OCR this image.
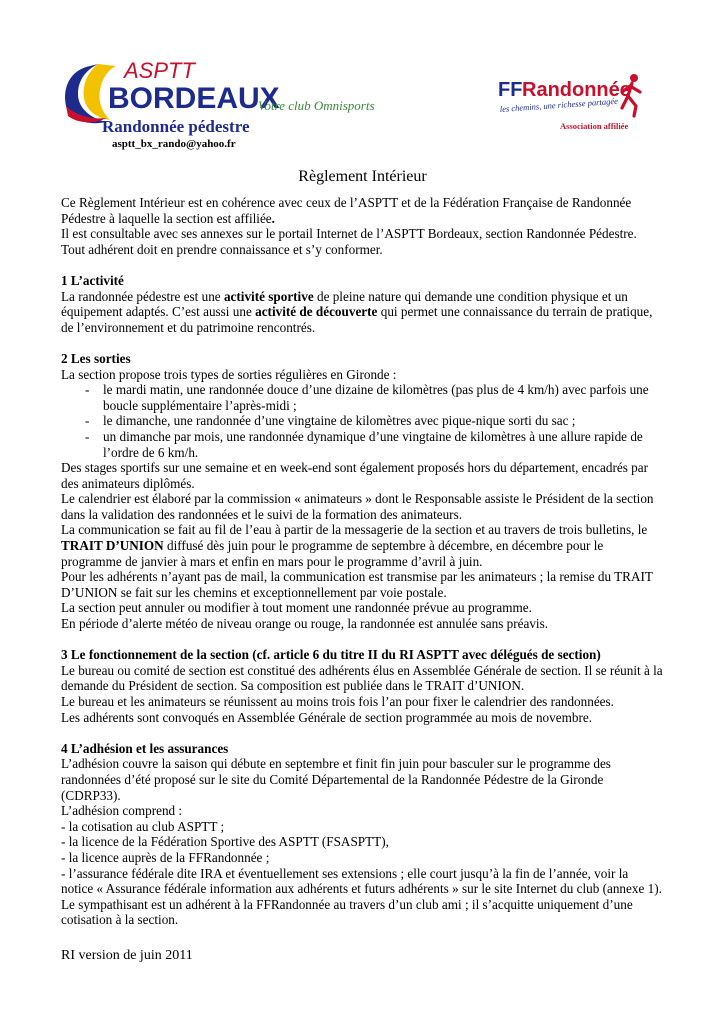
ASPTT
BORDEAUX
Votre club Omnisports
Randonnée pédestre
asptt_bx_rando@yahoo.fr
FF Randonnée
les chemins, une richesse partagée
Association affiliée
Règlement Intérieur

Ce Règlement Intérieur est en cohérence avec ceux de l’ASPTT et de la Fédération Française de Randonnée Pédestre à laquelle la section est affiliée.

Il est consultable avec ses annexes sur le portail Internet de l’ASPTT Bordeaux, section Randonnée Pédestre.

Tout adhérent doit en prendre connaissance et s’y conformer.

1 L’activité

La randonnée pédestre est une activité sportive de pleine nature qui demande une condition physique et un équipement adaptés. C’est aussi une activité de découverte qui permet une connaissance du terrain de pratique, de l’environnement et du patrimoine rencontrés.

2 Les sorties

La section propose trois types de sorties régulières en Gironde :

- le mardi matin, une randonnée douce d’une dizaine de kilomètres (pas plus de 4 km/h) avec parfois une boucle supplémentaire l’après-midi ;
- le dimanche, une randonnée d’une vingtaine de kilomètres avec pique-nique sorti du sac ;
- un dimanche par mois, une randonnée dynamique d’une vingtaine de kilomètres à une allure rapide de l’ordre de 6 km/h.

Des stages sportifs sur une semaine et en week-end sont également proposés hors du département, encadrés par des animateurs diplômés.

Le calendrier est élaboré par la commission « animateurs » dont le Responsable assiste le Président de la section dans la validation des randonnées et le suivi de la formation des animateurs.

La communication se fait au fil de l’eau à partir de la messagerie de la section et au travers de trois bulletins, le TRAIT D’UNION diffusé dès juin pour le programme de septembre à décembre, en décembre pour le programme de janvier à mars et enfin en mars pour le programme d’avril à juin.

Pour les adhérents n’ayant pas de mail, la communication est transmise par les animateurs ; la remise du TRAIT D’UNION se fait sur les chemins et exceptionnellement par voie postale.

La section peut annuler ou modifier à tout moment une randonnée prévue au programme.

En période d’alerte météo de niveau orange ou rouge, la randonnée est annulée sans préavis.

3 Le fonctionnement de la section (cf. article 6 du titre II du RI ASPTT avec délégués de section)

Le bureau ou comité de section est constitué des adhérents élus en Assemblée Générale de section. Il se réunit à la demande du Président de section. Sa composition est publiée dans le TRAIT d’UNION.

Le bureau et les animateurs se réunissent au moins trois fois l’an pour fixer le calendrier des randonnées.

Les adhérents sont convoqués en Assemblée Générale de section programmée au mois de novembre.

4 L’adhésion et les assurances

L’adhésion couvre la saison qui débute en septembre et finit fin juin pour basculer sur le programme des randonnées d’été proposé sur le site du Comité Départemental de la Randonnée Pédestre de la Gironde (CDRP33).

L’adhésion comprend :

- la cotisation au club ASPTT ;

- la licence de la Fédération Sportive des ASPTT (FSASPTT),

- la licence auprès de la FFRandonnée ;

- l’assurance fédérale dite IRA et éventuellement ses extensions ; elle court jusqu’à la fin de l’année, voir la notice « Assurance fédérale information aux adhérents et futurs adhérents » sur le site Internet du club (annexe 1).

Le sympathisant est un adhérent à la FFRandonnée au travers d’un club ami ; il s’acquitte uniquement d’une cotisation à la section.

RI version de juin 2011
